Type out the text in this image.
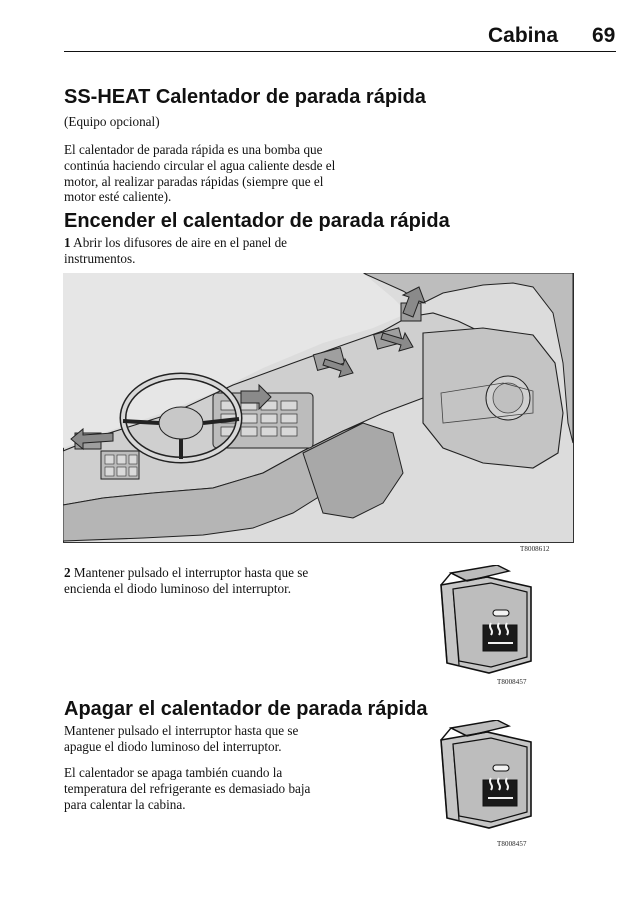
Cabina 69
SS-HEAT Calentador de parada rápida
(Equipo opcional)
El calentador de parada rápida es una bomba que continúa haciendo circular el agua caliente desde el motor, al realizar paradas rápidas (siempre que el motor esté caliente).
Encender el calentador de parada rápida
1 Abrir los difusores de aire en el panel de instrumentos.
T8008612
2 Mantener pulsado el interruptor hasta que se encienda el diodo luminoso del interruptor.
T8008457
Apagar el calentador de parada rápida
Mantener pulsado el interruptor hasta que se apague el diodo luminoso del interruptor.
El calentador se apaga también cuando la temperatura del refrigerante es demasiado baja para calentar la cabina.
T8008457
